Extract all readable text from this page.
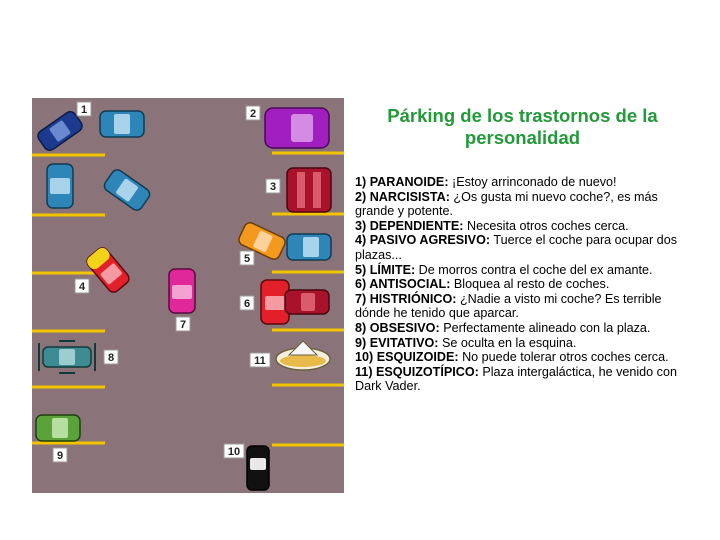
1	2
3
4
5
6
7
8
9	10
11
Párking de los trastornos de la personalidad

1) PARANOIDE: ¡Estoy arrinconado de nuevo!

2) NARCISISTA: ¿Os gusta mi nuevo coche?, es más grande y potente.

3) DEPENDIENTE: Necesita otros coches cerca.

4) PASIVO AGRESIVO: Tuerce el coche para ocupar dos plazas...

5) LÍMITE: De morros contra el coche del ex amante.

6) ANTISOCIAL: Bloquea al resto de coches.

7) HISTRIÓNICO: ¿Nadie a visto mi coche? Es terrible dónde he tenido que aparcar.

8) OBSESIVO: Perfectamente alineado con la plaza.

9) EVITATIVO: Se oculta en la esquina.

10) ESQUIZOIDE: No puede tolerar otros coches cerca.

11) ESQUIZOTÍPICO: Plaza intergaláctica, he venido con Dark Vader.
